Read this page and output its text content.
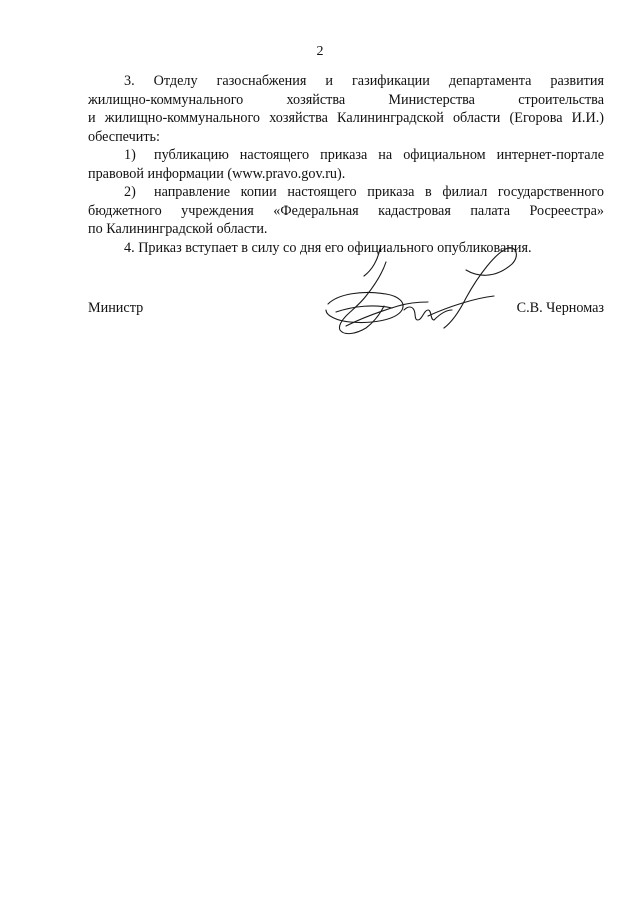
2

3. Отделу газоснабжения и газификации департамента развития
жилищно-коммунального хозяйства Министерства строительства
и жилищно-коммунального хозяйства Калининградской области (Егорова И.И.)
обеспечить:

1) публикацию настоящего приказа на официальном интернет-портале
правовой информации (www.pravo.gov.ru).

2) направление копии настоящего приказа в филиал государственного
бюджетного учреждения «Федеральная кадастровая палата Росреестра»
по Калининградской области.

4. Приказ вступает в силу со дня его официального опубликования.

Министр	С.В. Черномаз
